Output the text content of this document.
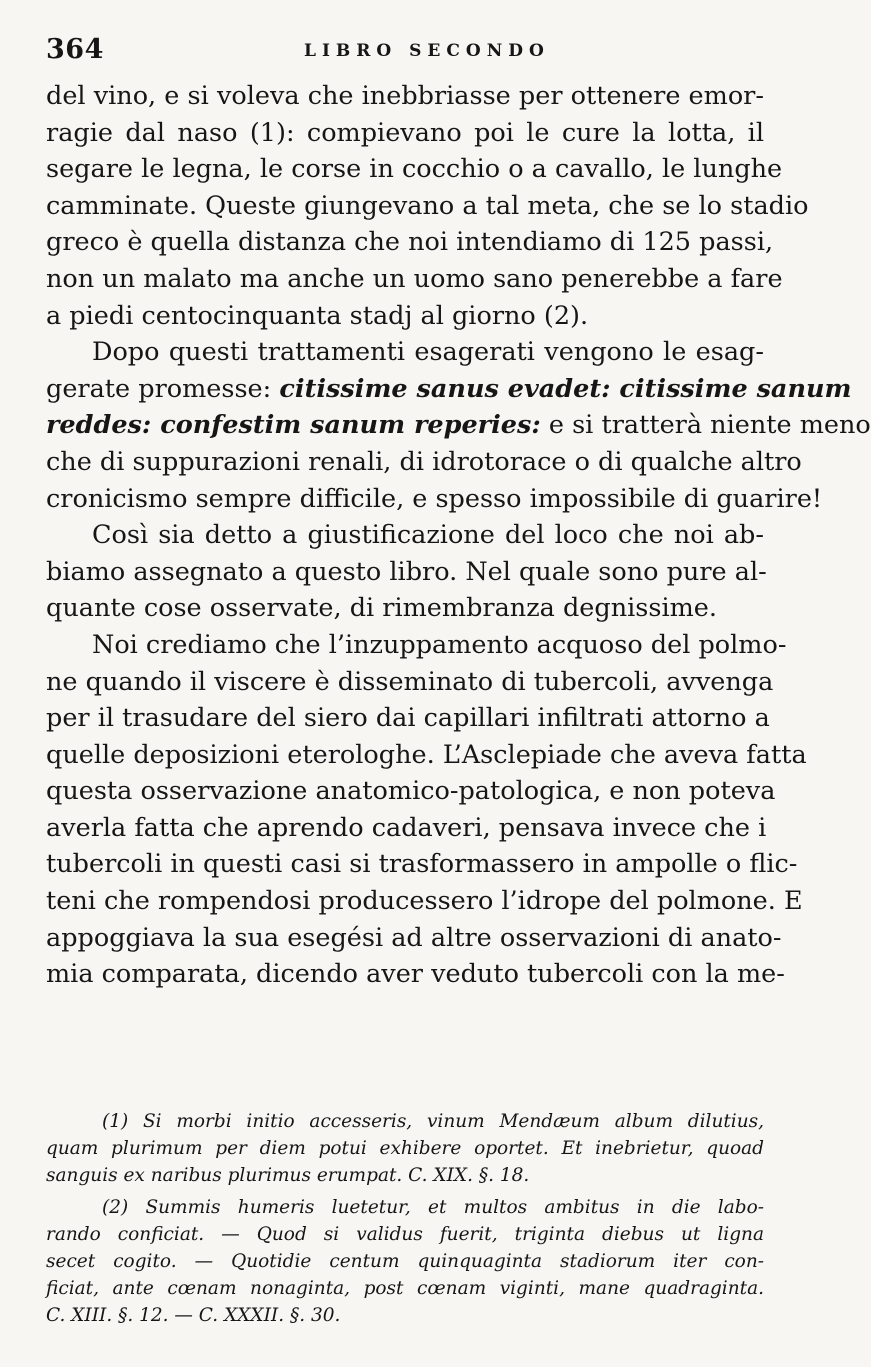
364	LIBRO SECONDO
del vino, e si voleva che inebbriasse per ottenere emor-
ragie dal naso (1): compievano poi le cure la lotta, il
segare le legna, le corse in cocchio o a cavallo, le lunghe
camminate. Queste giungevano a tal meta, che se lo stadio
greco è quella distanza che noi intendiamo di 125 passi,
non un malato ma anche un uomo sano penerebbe a fare
a piedi centocinquanta stadj al giorno (2).
Dopo questi trattamenti esagerati vengono le esag-
gerate promesse: citissime sanus evadet: citissime sanum
reddes: confestim sanum reperies: e si tratterà niente meno
che di suppurazioni renali, di idrotorace o di qualche altro
cronicismo sempre difficile, e spesso impossibile di guarire!
Così sia detto a giustificazione del loco che noi ab-
biamo assegnato a questo libro. Nel quale sono pure al-
quante cose osservate, di rimembranza degnissime.
Noi crediamo che l’inzuppamento acquoso del polmo-
ne quando il viscere è disseminato di tubercoli, avvenga
per il trasudare del siero dai capillari infiltrati attorno a
quelle deposizioni eterologhe. L’Asclepiade che aveva fatta
questa osservazione anatomico-patologica, e non poteva
averla fatta che aprendo cadaveri, pensava invece che i
tubercoli in questi casi si trasformassero in ampolle o flic-
teni che rompendosi producessero l’idrope del polmone. E
appoggiava la sua esegési ad altre osservazioni di anato-
mia comparata, dicendo aver veduto tubercoli con la me-
(1) Si morbi initio accesseris, vinum Mendæum album dilutius,
quam plurimum per diem potui exhibere oportet. Et inebrietur, quoad
sanguis ex naribus plurimus erumpat. C. XIX. §. 18.
(2) Summis humeris luetetur, et multos ambitus in die labo-
rando conficiat. — Quod si validus fuerit, triginta diebus ut ligna
secet cogito. — Quotidie centum quinquaginta stadiorum iter con-
ficiat, ante cœnam nonaginta, post cœnam viginti, mane quadraginta.
C. XIII. §. 12. — C. XXXII. §. 30.
